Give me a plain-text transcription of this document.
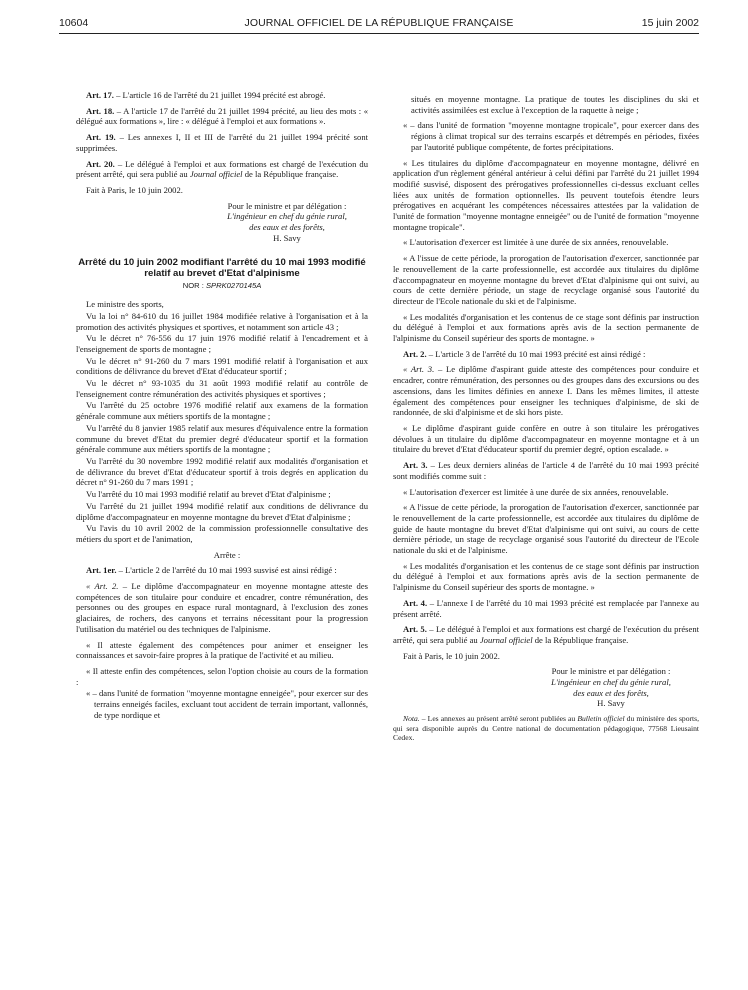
10604	JOURNAL OFFICIEL DE LA RÉPUBLIQUE FRANÇAISE	15 juin 2002

Art. 17. – L'article 16 de l'arrêté du 21 juillet 1994 précité est abrogé.

Art. 18. – A l'article 17 de l'arrêté du 21 juillet 1994 précité, au lieu des mots : « délégué aux formations », lire : « délégué à l'emploi et aux formations ».

Art. 19. – Les annexes I, II et III de l'arrêté du 21 juillet 1994 précité sont supprimées.

Art. 20. – Le délégué à l'emploi et aux formations est chargé de l'exécution du présent arrêté, qui sera publié au Journal officiel de la République française.

Fait à Paris, le 10 juin 2002.

Pour le ministre et par délégation :
L'ingénieur en chef du génie rural,
des eaux et des forêts,
H. Savy
Arrêté du 10 juin 2002 modifiant l'arrêté du 10 mai 1993 modifié relatif au brevet d'Etat d'alpinisme
NOR : SPRK0270145A

Le ministre des sports,

Vu la loi n° 84-610 du 16 juillet 1984 modifiée relative à l'organisation et à la promotion des activités physiques et sportives, et notamment son article 43 ;

Vu le décret n° 76-556 du 17 juin 1976 modifié relatif à l'encadrement et à l'enseignement de sports de montagne ;

Vu le décret n° 91-260 du 7 mars 1991 modifié relatif à l'organisation et aux conditions de délivrance du brevet d'Etat d'éducateur sportif ;

Vu le décret n° 93-1035 du 31 août 1993 modifié relatif au contrôle de l'enseignement contre rémunération des activités physiques et sportives ;

Vu l'arrêté du 25 octobre 1976 modifié relatif aux examens de la formation générale commune aux métiers sportifs de la montagne ;

Vu l'arrêté du 8 janvier 1985 relatif aux mesures d'équivalence entre la formation commune du brevet d'Etat du premier degré d'éducateur sportif et la formation générale commune aux métiers sportifs de la montagne ;

Vu l'arrêté du 30 novembre 1992 modifié relatif aux modalités d'organisation et de délivrance du brevet d'Etat d'éducateur sportif à trois degrés en application du décret n° 91-260 du 7 mars 1991 ;

Vu l'arrêté du 10 mai 1993 modifié relatif au brevet d'Etat d'alpinisme ;

Vu l'arrêté du 21 juillet 1994 modifié relatif aux conditions de délivrance du diplôme d'accompagnateur en moyenne montagne du brevet d'Etat d'alpinisme ;

Vu l'avis du 10 avril 2002 de la commission professionnelle consultative des métiers du sport et de l'animation,

Arrête :

Art. 1er. – L'article 2 de l'arrêté du 10 mai 1993 susvisé est ainsi rédigé :

« Art. 2. – Le diplôme d'accompagnateur en moyenne montagne atteste des compétences de son titulaire pour conduire et encadrer, contre rémunération, des personnes ou des groupes en espace rural montagnard, à l'exclusion des zones glaciaires, de rochers, des canyons et terrains nécessitant pour la progression l'utilisation du matériel ou des techniques de l'alpinisme.

« Il atteste également des compétences pour animer et enseigner les connaissances et savoir-faire propres à la pratique de l'activité et au milieu.

« Il atteste enfin des compétences, selon l'option choisie au cours de la formation :

« – dans l'unité de formation "moyenne montagne enneigée", pour exercer sur des terrains enneigés faciles, excluant tout accident de terrain important, vallonnés, de type nordique et

situés en moyenne montagne. La pratique de toutes les disciplines du ski et activités assimilées est exclue à l'exception de la raquette à neige ;

« – dans l'unité de formation "moyenne montagne tropicale", pour exercer dans des régions à climat tropical sur des terrains escarpés et détrempés en périodes, fixées par l'autorité publique compétente, de fortes précipitations.

« Les titulaires du diplôme d'accompagnateur en moyenne montagne, délivré en application d'un règlement général antérieur à celui défini par l'arrêté du 21 juillet 1994 modifié susvisé, disposent des prérogatives professionnelles ci-dessus excluant celles liées aux unités de formation optionnelles. Ils peuvent toutefois étendre leurs prérogatives en acquérant les compétences nécessaires attestées par la validation de l'unité de formation "moyenne montagne enneigée" ou de l'unité de formation "moyenne montagne tropicale".

« L'autorisation d'exercer est limitée à une durée de six années, renouvelable.

« A l'issue de cette période, la prorogation de l'autorisation d'exercer, sanctionnée par le renouvellement de la carte professionnelle, est accordée aux titulaires du diplôme d'accompagnateur en moyenne montagne du brevet d'Etat d'alpinisme qui ont suivi, au cours de cette dernière période, un stage de recyclage organisé sous l'autorité du directeur de l'Ecole nationale du ski et de l'alpinisme.

« Les modalités d'organisation et les contenus de ce stage sont définis par instruction du délégué à l'emploi et aux formations après avis de la section permanente de l'alpinisme du Conseil supérieur des sports de montagne. »

Art. 2. – L'article 3 de l'arrêté du 10 mai 1993 précité est ainsi rédigé :

« Art. 3. – Le diplôme d'aspirant guide atteste des compétences pour conduire et encadrer, contre rémunération, des personnes ou des groupes dans des excursions ou des ascensions, dans les limites définies en annexe I. Dans les mêmes limites, il atteste également des compétences pour enseigner les techniques d'alpinisme, de ski de randonnée, de ski d'alpinisme et de ski hors piste.

« Le diplôme d'aspirant guide confère en outre à son titulaire les prérogatives dévolues à un titulaire du diplôme d'accompagnateur en moyenne montagne et à un titulaire du brevet d'Etat d'éducateur sportif du premier degré, option escalade. »

Art. 3. – Les deux derniers alinéas de l'article 4 de l'arrêté du 10 mai 1993 précité sont modifiés comme suit :

« L'autorisation d'exercer est limitée à une durée de six années, renouvelable.

« A l'issue de cette période, la prorogation de l'autorisation d'exercer, sanctionnée par le renouvellement de la carte professionnelle, est accordée aux titulaires du diplôme de guide de haute montagne du brevet d'Etat d'alpinisme qui ont suivi, au cours de cette dernière période, un stage de recyclage organisé sous l'autorité du directeur de l'Ecole nationale du ski et de l'alpinisme.

« Les modalités d'organisation et les contenus de ce stage sont définis par instruction du délégué à l'emploi et aux formations après avis de la section permanente de l'alpinisme du Conseil supérieur des sports de montagne. »

Art. 4. – L'annexe I de l'arrêté du 10 mai 1993 précité est remplacée par l'annexe au présent arrêté.

Art. 5. – Le délégué à l'emploi et aux formations est chargé de l'exécution du présent arrêté, qui sera publié au Journal officiel de la République française.

Fait à Paris, le 10 juin 2002.

Pour le ministre et par délégation :
L'ingénieur en chef du génie rural,
des eaux et des forêts,
H. Savy

Nota. – Les annexes au présent arrêté seront publiées au Bulletin officiel du ministère des sports, qui sera disponible auprès du Centre national de documentation pédagogique, 77568 Lieusaint Cedex.
